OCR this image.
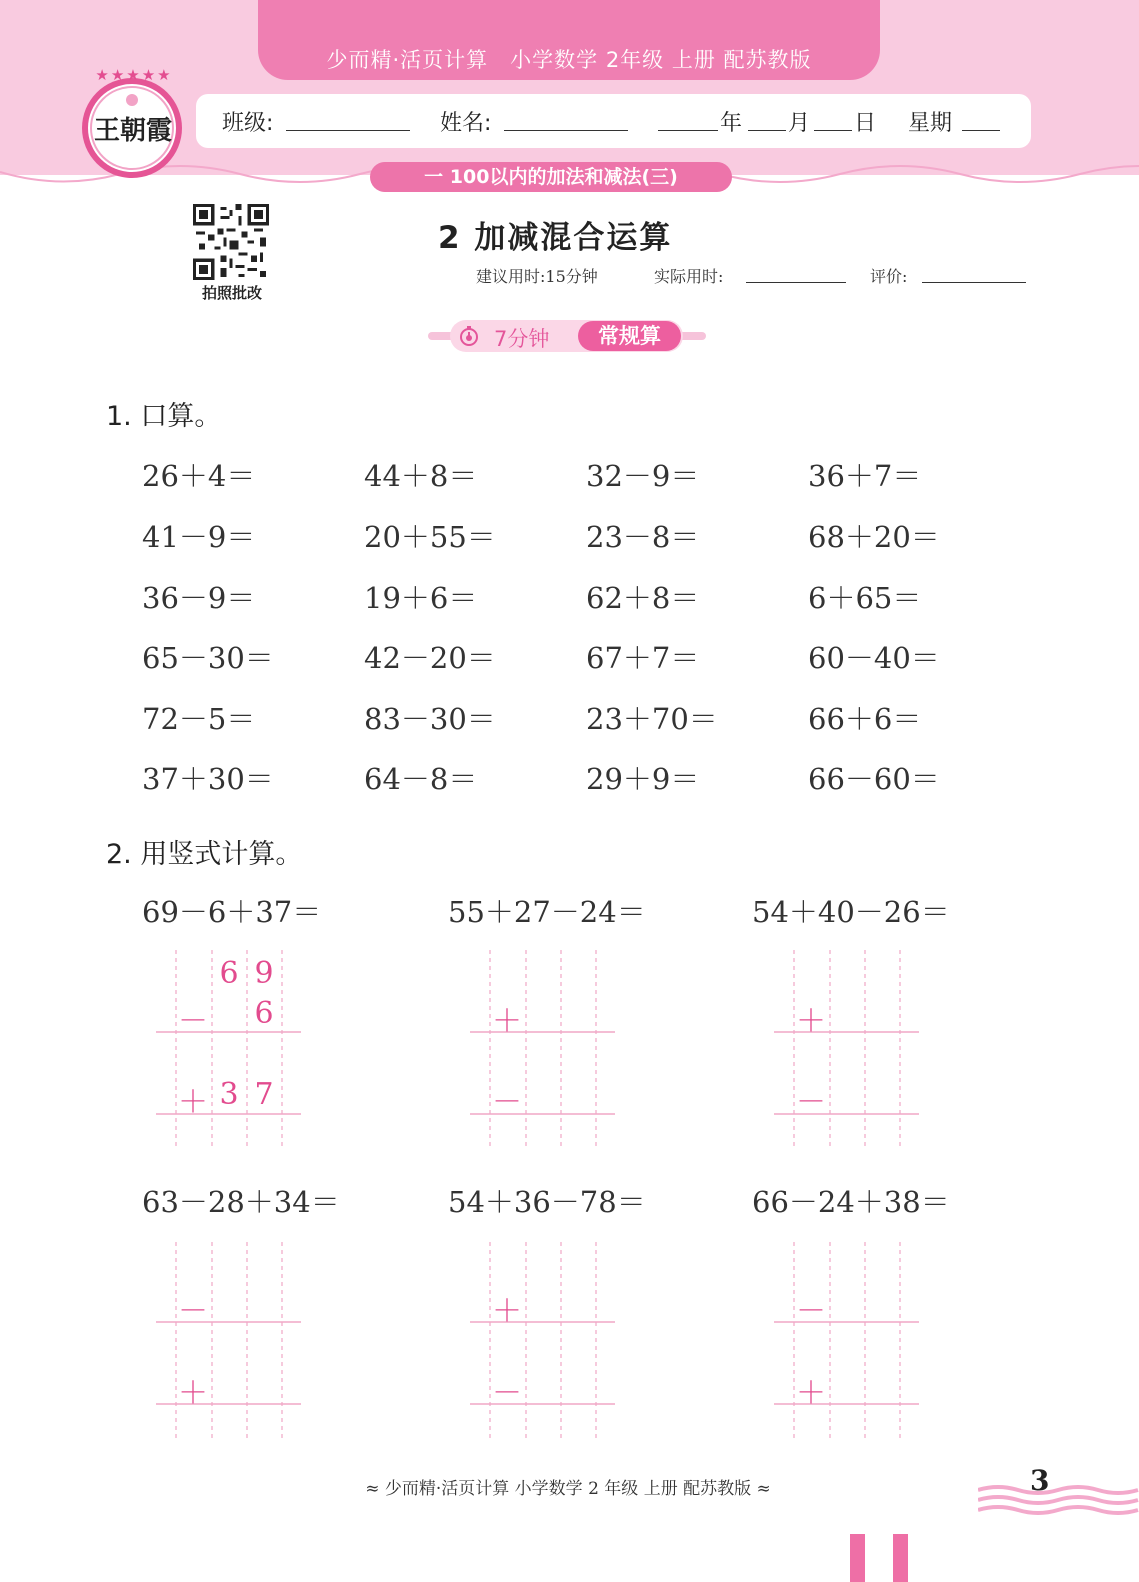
少而精·活页计算　小学数学 2年级 上册 配苏教版
班级:	姓名:	年 月 日 星期
★★★★★
王朝霞
一 100以内的加法和减法(三)
拍照批改
2 加减混合运算
建议用时:15分钟	实际用时:	评价:
7分钟	常规算
1. 口算。
26＋4＝	44＋8＝	32－9＝	36＋7＝
41－9＝	20＋55＝	23－8＝	68＋20＝
36－9＝	19＋6＝	62＋8＝	6＋65＝
65－30＝	42－20＝	67＋7＝	60－40＝
72－5＝	83－30＝	23＋70＝	66＋6＝
37＋30＝	64－8＝	29＋9＝	66－60＝
2. 用竖式计算。
69－6＋37＝	55＋27－24＝	54＋40－26＝
6 9
－ 6
＋ 3 7
＋
－
＋
－
63－28＋34＝	54＋36－78＝	66－24＋38＝
－
＋
＋
－
－
＋
≈ 少而精·活页计算 小学数学 2 年级 上册 配苏教版 ≈	3
